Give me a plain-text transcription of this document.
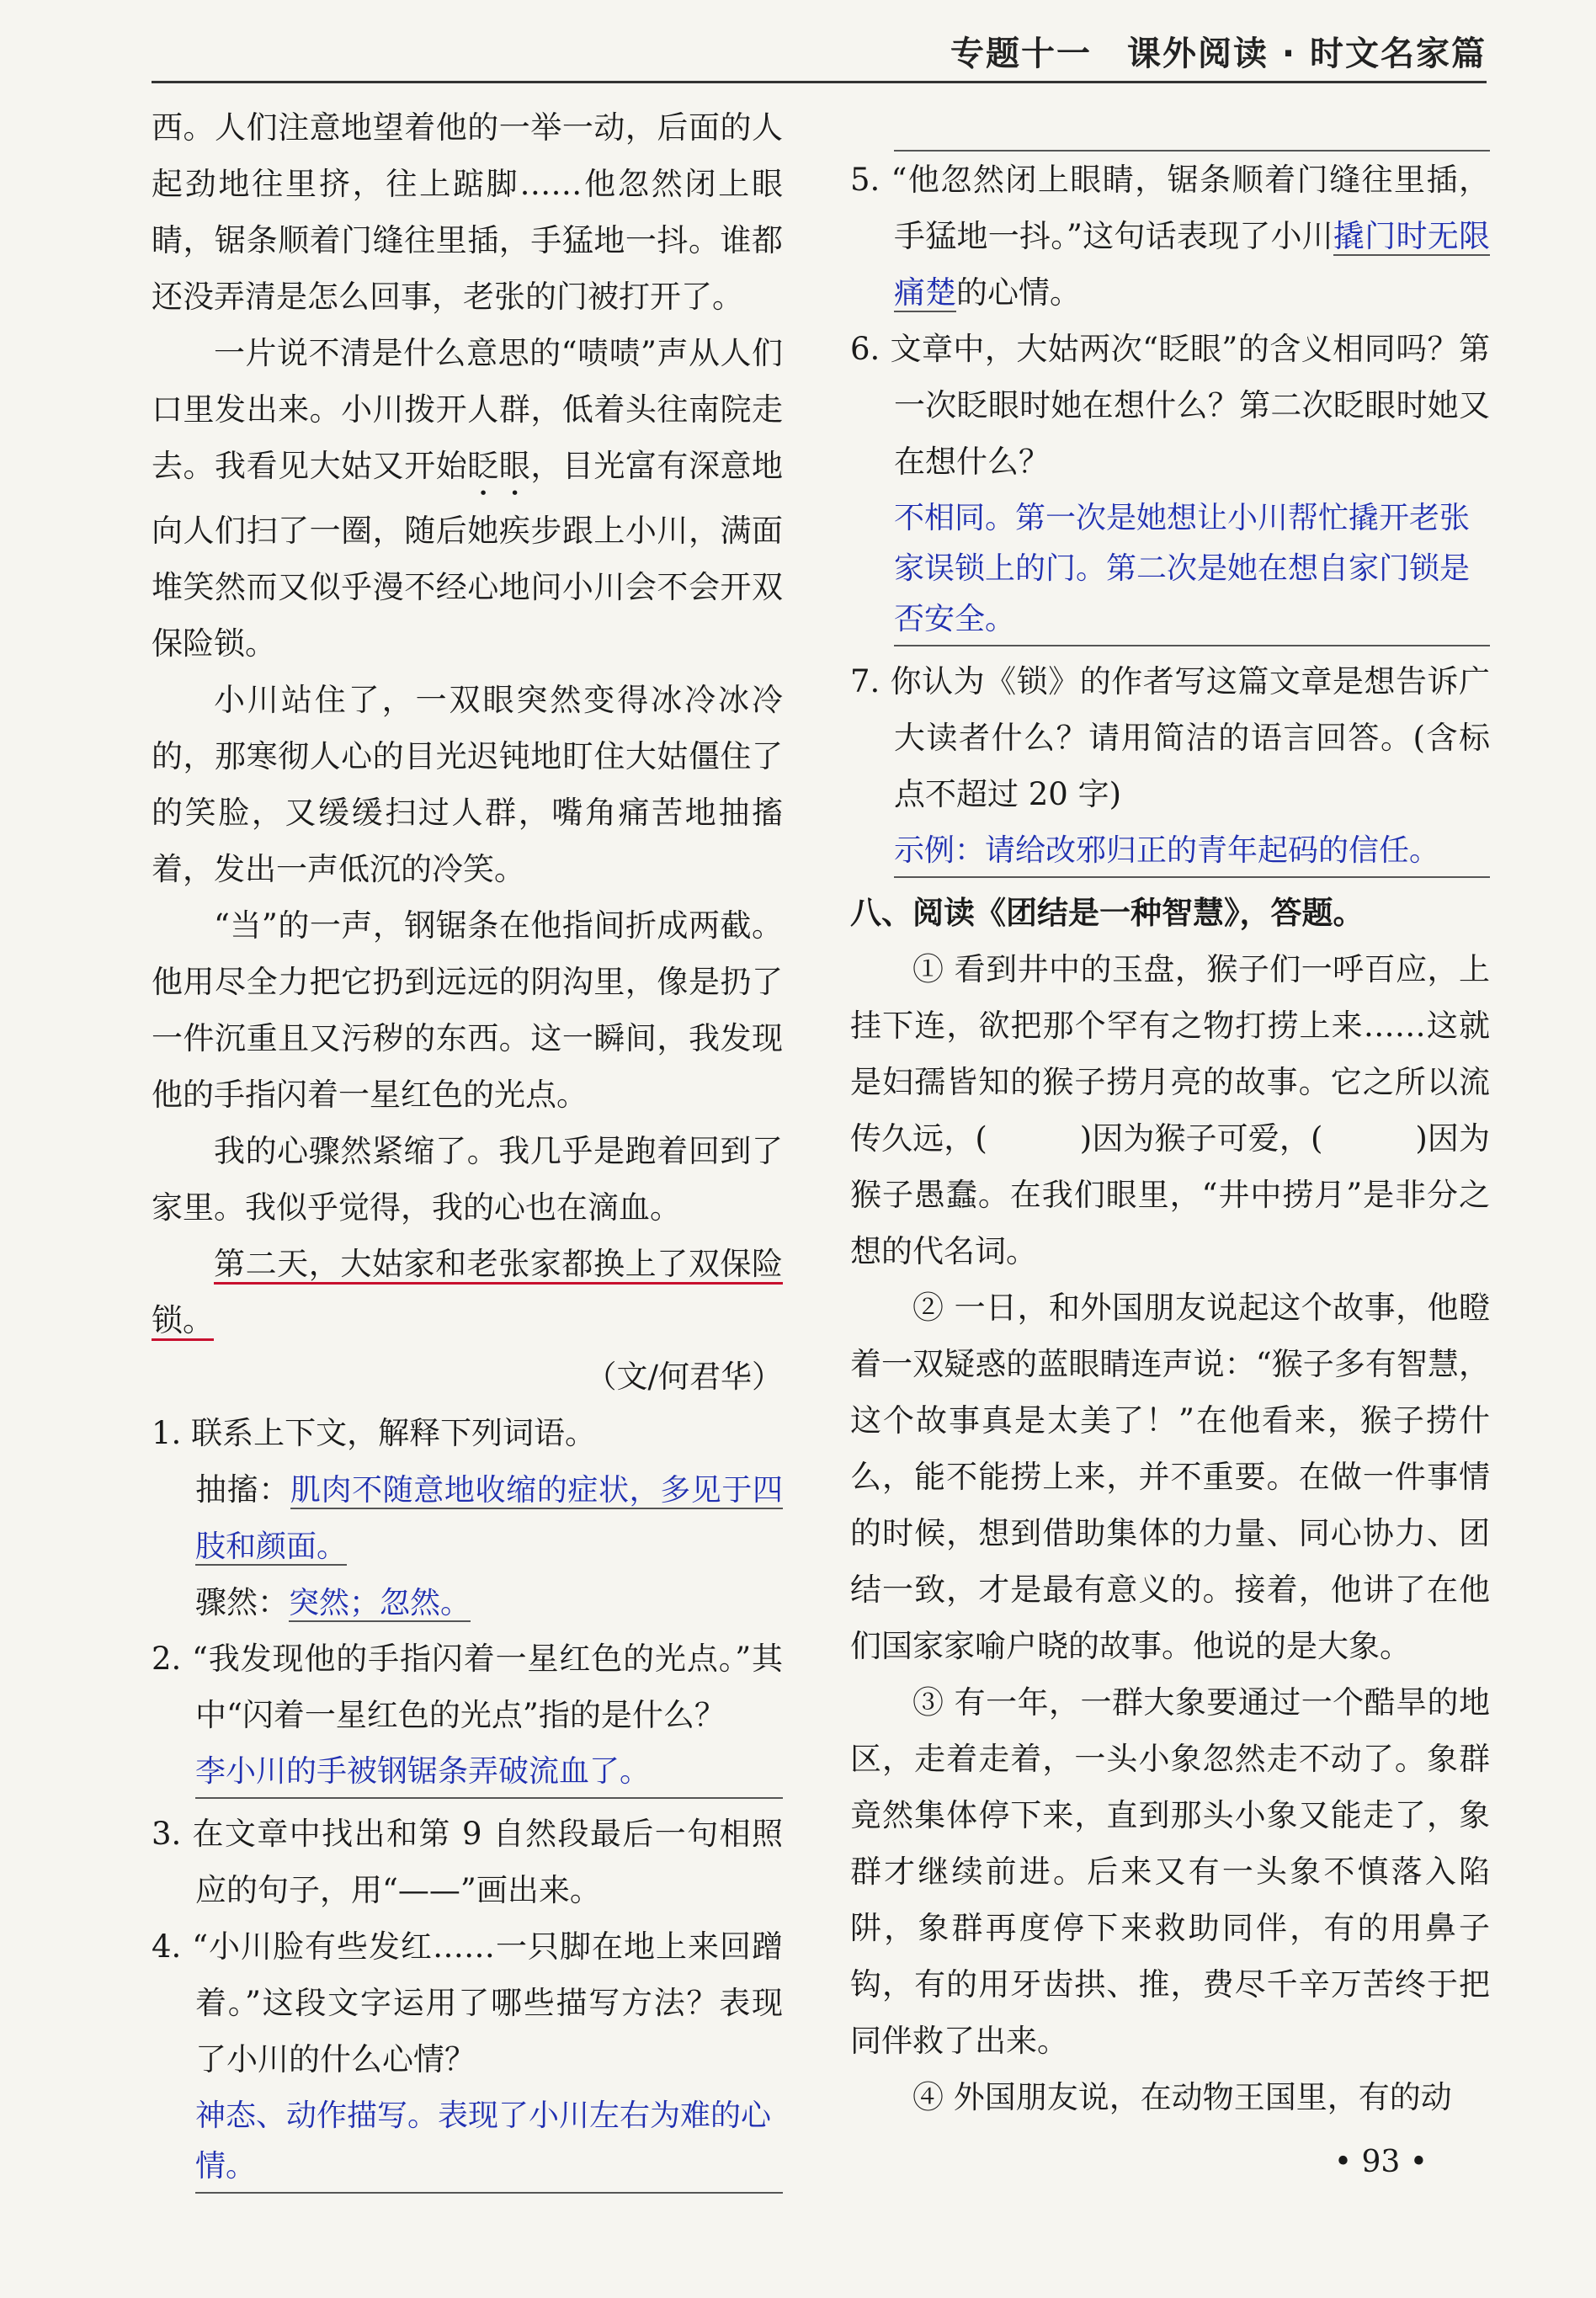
专题十一　课外阅读 · 时文名家篇

西。人们注意地望着他的一举一动，后面的人起劲地往里挤，往上踮脚……他忽然闭上眼睛，锯条顺着门缝往里插，手猛地一抖。谁都还没弄清是怎么回事，老张的门被打开了。

一片说不清是什么意思的“啧啧”声从人们口里发出来。小川拨开人群，低着头往南院走去。我看见大姑又开始眨眼，目光富有深意地向人们扫了一圈，随后她疾步跟上小川，满面堆笑然而又似乎漫不经心地问小川会不会开双保险锁。

小川站住了，一双眼突然变得冰冷冰冷的，那寒彻人心的目光迟钝地盯住大姑僵住了的笑脸，又缓缓扫过人群，嘴角痛苦地抽搐着，发出一声低沉的冷笑。

“当”的一声，钢锯条在他指间折成两截。他用尽全力把它扔到远远的阴沟里，像是扔了一件沉重且又污秽的东西。这一瞬间，我发现他的手指闪着一星红色的光点。

我的心骤然紧缩了。我几乎是跑着回到了家里。我似乎觉得，我的心也在滴血。

第二天，大姑家和老张家都换上了双保险锁。

（文/何君华）

1. 联系上下文，解释下列词语。

抽搐：肌肉不随意地收缩的症状，多见于四肢和颜面。

骤然：突然；忽然。

2. “我发现他的手指闪着一星红色的光点。”其中“闪着一星红色的光点”指的是什么？

李小川的手被钢锯条弄破流血了。

3. 在文章中找出和第 9 自然段最后一句相照应的句子，用“——”画出来。

4. “小川脸有些发红……一只脚在地上来回蹭着。”这段文字运用了哪些描写方法？表现了小川的什么心情？

神态、动作描写。表现了小川左右为难的心情。

5. “他忽然闭上眼睛，锯条顺着门缝往里插，手猛地一抖。”这句话表现了小川撬门时无限痛楚的心情。

6. 文章中，大姑两次“眨眼”的含义相同吗？第一次眨眼时她在想什么？第二次眨眼时她又在想什么？

不相同。第一次是她想让小川帮忙撬开老张家误锁上的门。第二次是她在想自家门锁是否安全。

7. 你认为《锁》的作者写这篇文章是想告诉广大读者什么？请用简洁的语言回答。(含标点不超过 20 字)

示例：请给改邪归正的青年起码的信任。

八、阅读《团结是一种智慧》，答题。

① 看到井中的玉盘，猴子们一呼百应，上挂下连，欲把那个罕有之物打捞上来……这就是妇孺皆知的猴子捞月亮的故事。它之所以流传久远，(	)因为猴子可爱，(	)因为猴子愚蠢。在我们眼里，“井中捞月”是非分之想的代名词。

② 一日，和外国朋友说起这个故事，他瞪着一双疑惑的蓝眼睛连声说：“猴子多有智慧，这个故事真是太美了！”在他看来，猴子捞什么，能不能捞上来，并不重要。在做一件事情的时候，想到借助集体的力量、同心协力、团结一致，才是最有意义的。接着，他讲了在他们国家家喻户晓的故事。他说的是大象。

③ 有一年，一群大象要通过一个酷旱的地区，走着走着，一头小象忽然走不动了。象群竟然集体停下来，直到那头小象又能走了，象群才继续前进。后来又有一头象不慎落入陷阱，象群再度停下来救助同伴，有的用鼻子钩，有的用牙齿拱、推，费尽千辛万苦终于把同伴救了出来。

④ 外国朋友说，在动物王国里，有的动

• 93 •
